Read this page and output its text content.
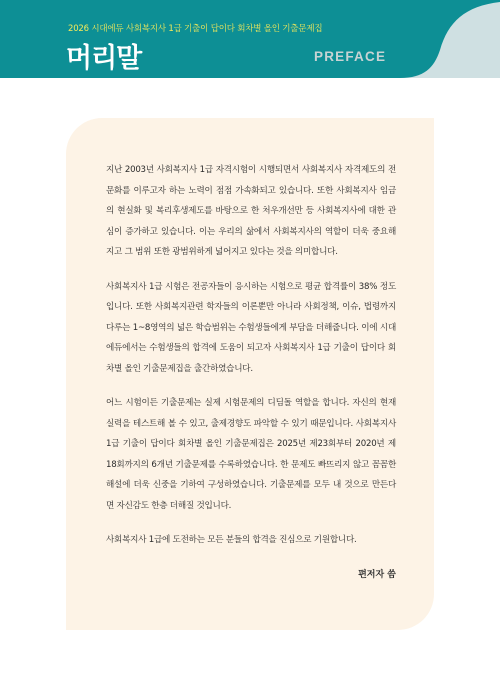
2026 시대에듀 사회복지사 1급 기출이 답이다 회차별 올인 기출문제집
머리말	PREFACE

지난 2003년 사회복지사 1급 자격시험이 시행되면서 사회복지사 자격제도의 전문화를 이루고자 하는 노력이 점점 가속화되고 있습니다. 또한 사회복지사 임금의 현실화 및 복리후생제도를 바탕으로 한 처우개선만 등 사회복지사에 대한 관심이 증가하고 있습니다. 이는 우리의 삶에서 사회복지사의 역할이 더욱 중요해지고 그 범위 또한 광범위하게 넓어지고 있다는 것을 의미합니다.

사회복지사 1급 시험은 전공자들이 응시하는 시험으로 평균 합격률이 38% 정도입니다. 또한 사회복지관련 학자들의 이론뿐만 아니라 사회정책, 이슈, 법령까지 다루는 1~8영역의 넓은 학습범위는 수험생들에게 부담을 더해줍니다. 이에 시대에듀에서는 수험생들의 합격에 도움이 되고자 사회복지사 1급 기출이 답이다 회차별 올인 기출문제집을 출간하였습니다.

어느 시험이든 기출문제는 실제 시험문제의 디딤돌 역할을 합니다. 자신의 현재 실력을 테스트해 볼 수 있고, 출제경향도 파악할 수 있기 때문입니다. 사회복지사 1급 기출이 답이다 회차별 올인 기출문제집은 2025년 제23회부터 2020년 제18회까지의 6개년 기출문제를 수록하였습니다. 한 문제도 빠뜨리지 않고 꼼꼼한 해설에 더욱 신중을 기하여 구성하였습니다. 기출문제를 모두 내 것으로 만든다면 자신감도 한층 더해질 것입니다.

사회복지사 1급에 도전하는 모든 분들의 합격을 진심으로 기원합니다.

편저자 씀
